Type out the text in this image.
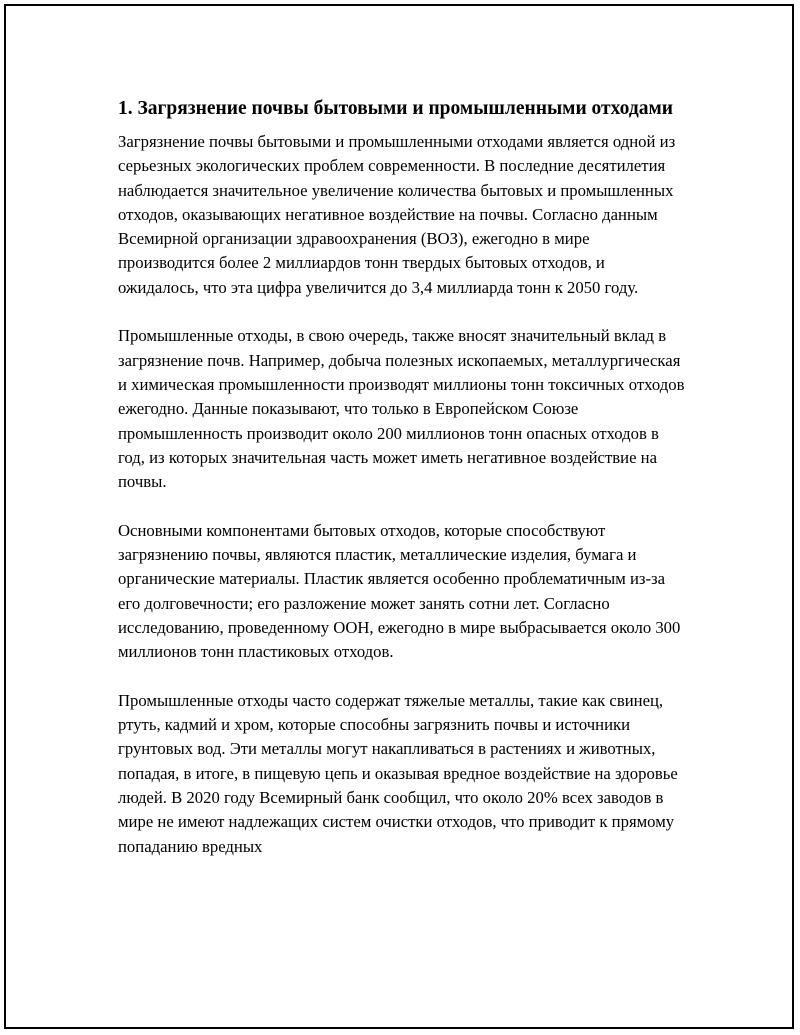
1. Загрязнение почвы бытовыми и промышленными отходами

Загрязнение почвы бытовыми и промышленными отходами является одной из серьезных экологических проблем современности. В последние десятилетия наблюдается значительное увеличение количества бытовых и промышленных отходов, оказывающих негативное воздействие на почвы. Согласно данным Всемирной организации здравоохранения (ВОЗ), ежегодно в мире производится более 2 миллиардов тонн твердых бытовых отходов, и ожидалось, что эта цифра увеличится до 3,4 миллиарда тонн к 2050 году.

Промышленные отходы, в свою очередь, также вносят значительный вклад в загрязнение почв. Например, добыча полезных ископаемых, металлургическая и химическая промышленности производят миллионы тонн токсичных отходов ежегодно. Данные показывают, что только в Европейском Союзе промышленность производит около 200 миллионов тонн опасных отходов в год, из которых значительная часть может иметь негативное воздействие на почвы.

Основными компонентами бытовых отходов, которые способствуют загрязнению почвы, являются пластик, металлические изделия, бумага и органические материалы. Пластик является особенно проблематичным из-за его долговечности; его разложение может занять сотни лет. Согласно исследованию, проведенному ООН, ежегодно в мире выбрасывается около 300 миллионов тонн пластиковых отходов.

Промышленные отходы часто содержат тяжелые металлы, такие как свинец, ртуть, кадмий и хром, которые способны загрязнить почвы и источники грунтовых вод. Эти металлы могут накапливаться в растениях и животных, попадая, в итоге, в пищевую цепь и оказывая вредное воздействие на здоровье людей. В 2020 году Всемирный банк сообщил, что около 20% всех заводов в мире не имеют надлежащих систем очистки отходов, что приводит к прямому попаданию вредных
